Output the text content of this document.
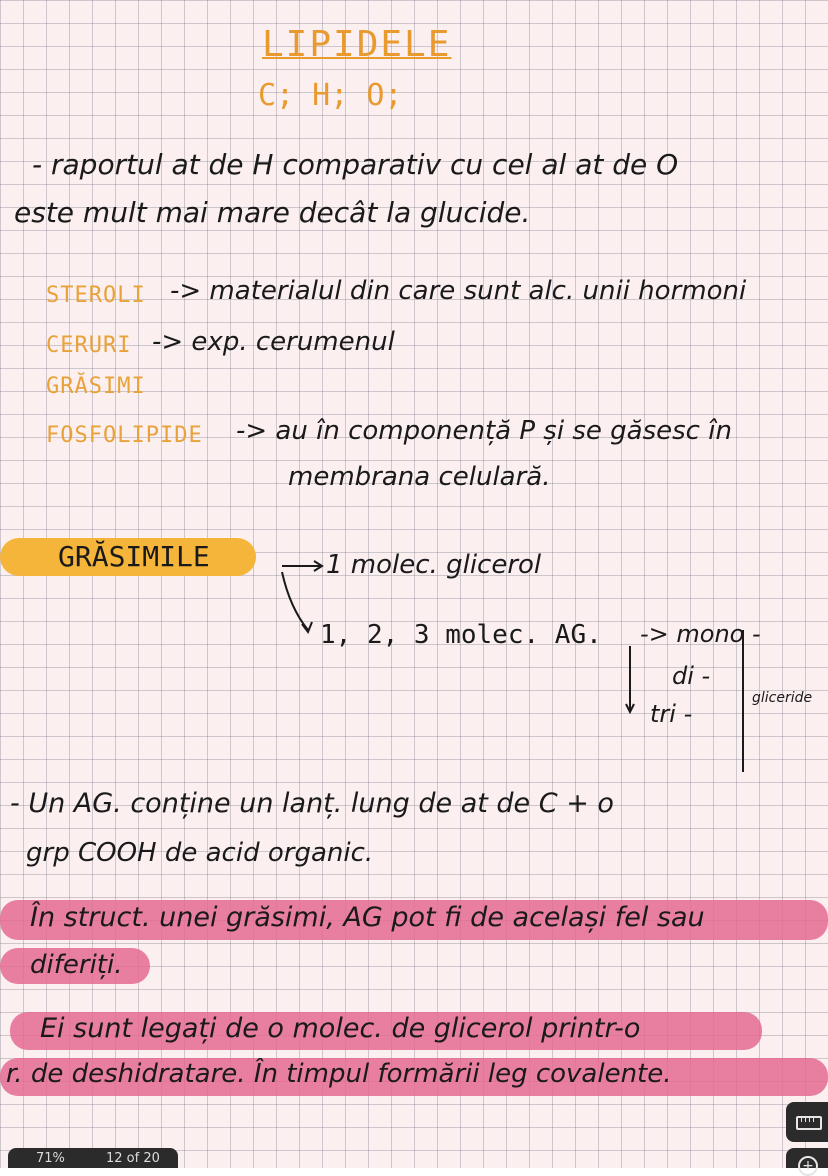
LIPIDELE
C; H; O;
- raportul at de H comparativ cu cel al at de O
este mult mai mare decât la glucide.
STEROLI -> materialul din care sunt alc. unii hormoni
CERURI -> exp. cerumenul
GRĂSIMI
FOSFOLIPIDE -> au în componență P și se găsesc în
membrana celulară.
GRĂSIMILE	1 molec. glicerol
1, 2, 3 molec. AG. -> mono -
di -
tri -
gliceride
- Un AG. conține un lanț. lung de at de C + o
grp COOH de acid organic.
În struct. unei grăsimi, AG pot fi de același fel sau
diferiți.
Ei sunt legați de o molec. de glicerol printr-o
r. de deshidratare. În timpul formării leg covalente.
71%	12 of 20	+
